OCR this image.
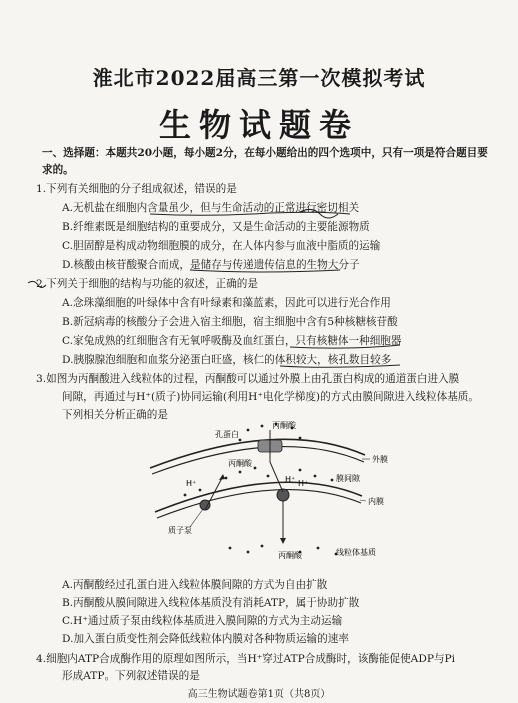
淮北市2022届高三第一次模拟考试
生物试题卷
一、选择题：本题共20小题，每小题2分，在每小题给出的四个选项中，只有一项是符合题目要
求的。
1.下列有关细胞的分子组成叙述，错误的是
A.无机盐在细胞内含量虽少，但与生命活动的正常进行密切相关
B.纤维素既是细胞结构的重要成分，又是生命活动的主要能源物质
C.胆固醇是构成动物细胞膜的成分，在人体内参与血液中脂质的运输
D.核酸由核苷酸聚合而成，是储存与传递遗传信息的生物大分子
2.下列关于细胞的结构与功能的叙述，正确的是
A.念珠藻细胞的叶绿体中含有叶绿素和藻蓝素，因此可以进行光合作用
B.新冠病毒的核酸分子会进入宿主细胞，宿主细胞中含有5种核糖核苷酸
C.家兔成熟的红细胞含有无氧呼吸酶及血红蛋白，只有核糖体一种细胞器
D.胰腺腺泡细胞和血浆分泌蛋白旺盛，核仁的体积较大，核孔数目较多
3.如图为丙酮酸进入线粒体的过程，丙酮酸可以通过外膜上由孔蛋白构成的通道蛋白进入膜
间隙，再通过与H⁺(质子)协同运输(利用H⁺电化学梯度)的方式由膜间隙进入线粒体基质。
下列相关分析正确的是
孔蛋白
丙酮酸
丙酮酸
丙酮酸
H⁺	H⁺ H⁺
外膜
膜间隙
内膜
质子泵
线粒体基质
A.丙酮酸经过孔蛋白进入线粒体膜间隙的方式为自由扩散
B.丙酮酸从膜间隙进入线粒体基质没有消耗ATP，属于协助扩散
C.H⁺通过质子泵由线粒体基质进入膜间隙的方式为主动运输
D.加入蛋白质变性剂会降低线粒体内膜对各种物质运输的速率
4.细胞内ATP合成酶作用的原理如图所示，当H⁺穿过ATP合成酶时，该酶能促使ADP与Pi
形成ATP。下列叙述错误的是
高三生物试题卷第1页（共8页）
